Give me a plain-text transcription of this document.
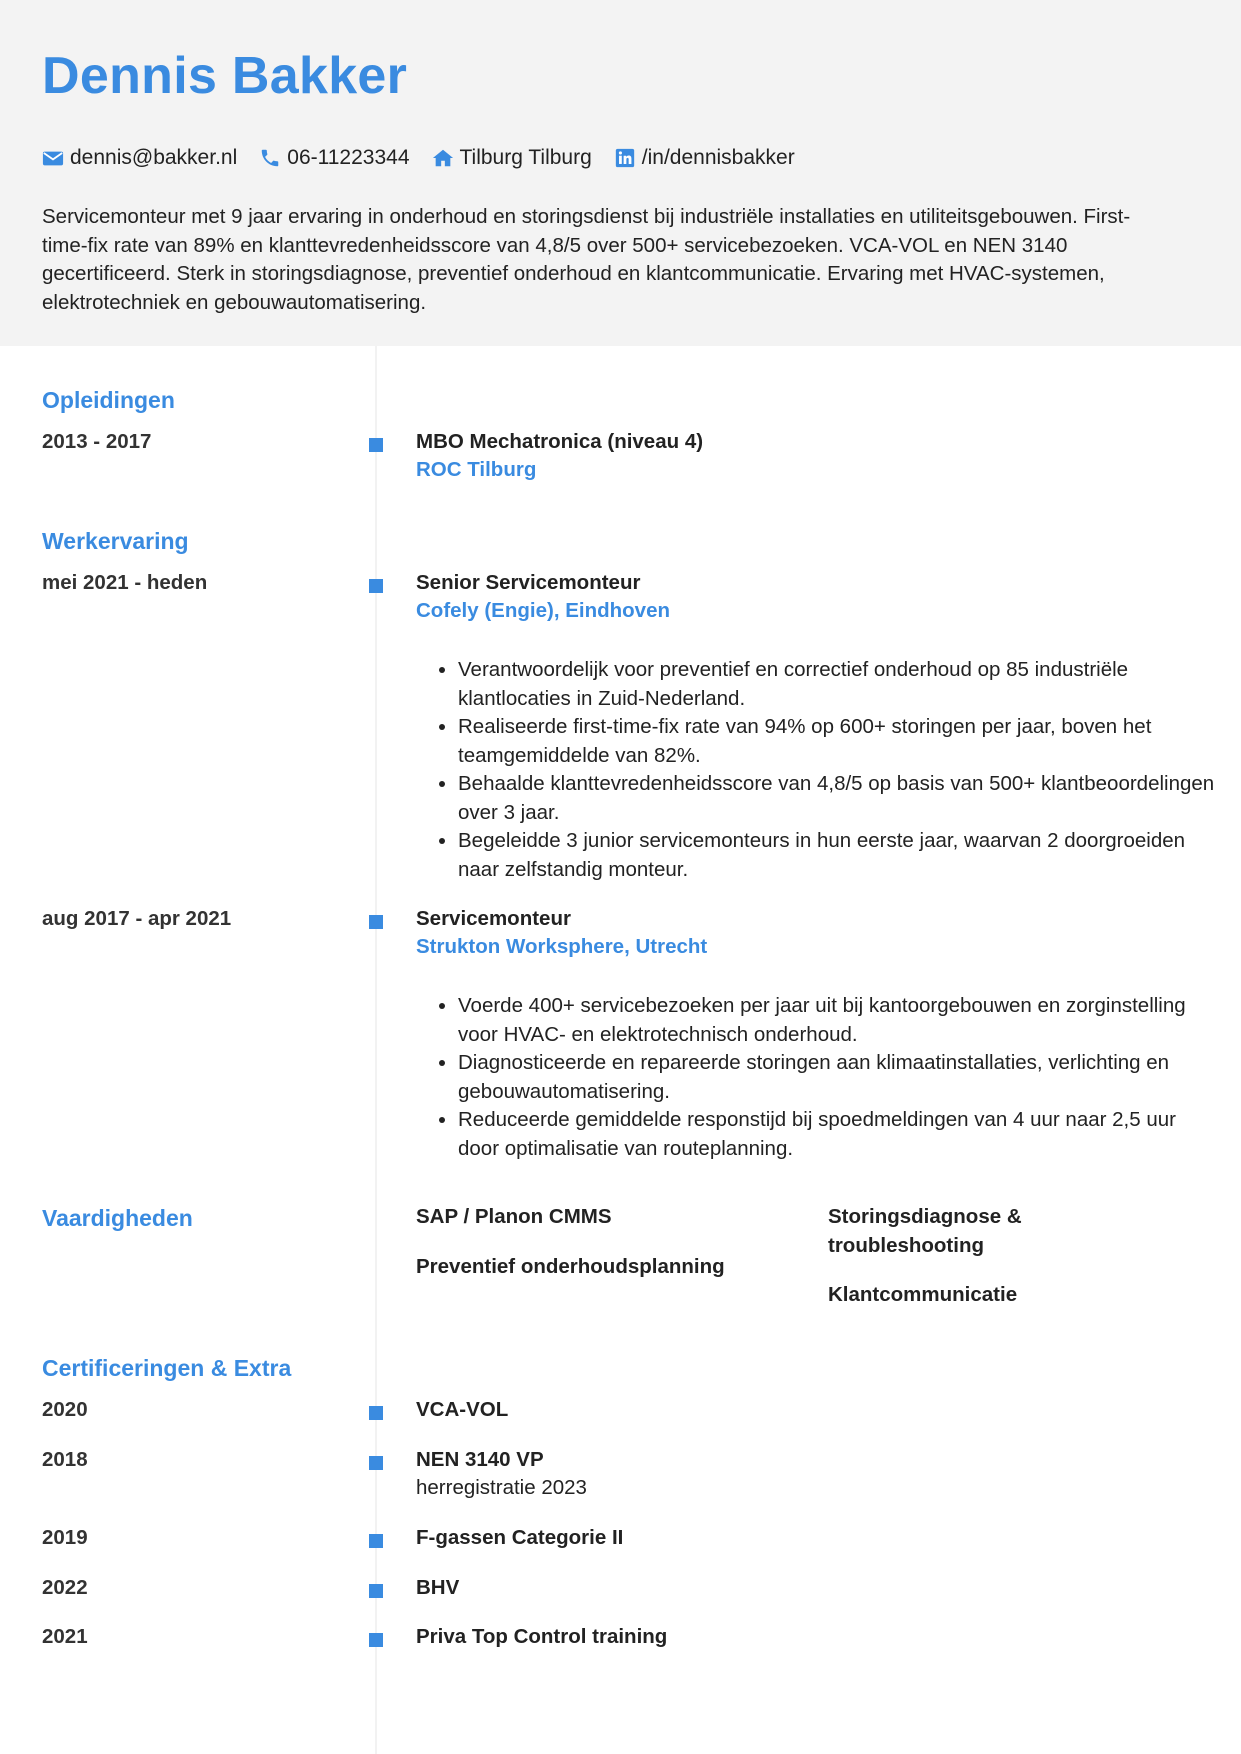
Dennis Bakker
dennis@bakker.nl 06-11223344 Tilburg Tilburg /in/dennisbakker
Servicemonteur met 9 jaar ervaring in onderhoud en storingsdienst bij industriële installaties en utiliteitsgebouwen. First-time-fix rate van 89% en klanttevredenheidsscore van 4,8/5 over 500+ servicebezoeken. VCA-VOL en NEN 3140 gecertificeerd. Sterk in storingsdiagnose, preventief onderhoud en klantcommunicatie. Ervaring met HVAC-systemen, elektrotechniek en gebouwautomatisering.
Opleidingen
2013 - 2017	MBO Mechatronica (niveau 4)
ROC Tilburg
Werkervaring
mei 2021 - heden	Senior Servicemonteur
Cofely (Engie), Eindhoven
• Verantwoordelijk voor preventief en correctief onderhoud op 85 industriële klantlocaties in Zuid-Nederland.
• Realiseerde first-time-fix rate van 94% op 600+ storingen per jaar, boven het teamgemiddelde van 82%.
• Behaalde klanttevredenheidsscore van 4,8/5 op basis van 500+ klantbeoordelingen over 3 jaar.
• Begeleidde 3 junior servicemonteurs in hun eerste jaar, waarvan 2 doorgroeiden naar zelfstandig monteur.
aug 2017 - apr 2021	Servicemonteur
Strukton Worksphere, Utrecht
• Voerde 400+ servicebezoeken per jaar uit bij kantoorgebouwen en zorginstelling voor HVAC- en elektrotechnisch onderhoud.
• Diagnosticeerde en repareerde storingen aan klimaatinstallaties, verlichting en gebouwautomatisering.
• Reduceerde gemiddelde responstijd bij spoedmeldingen van 4 uur naar 2,5 uur door optimalisatie van routeplanning.
Vaardigheden	SAP / Planon CMMS
Preventief onderhoudsplanning
Storingsdiagnose & troubleshooting
Klantcommunicatie
Certificeringen & Extra
2020	VCA-VOL
2018	NEN 3140 VP
herregistratie 2023
2019	F-gassen Categorie II
2022	BHV
2021	Priva Top Control training
